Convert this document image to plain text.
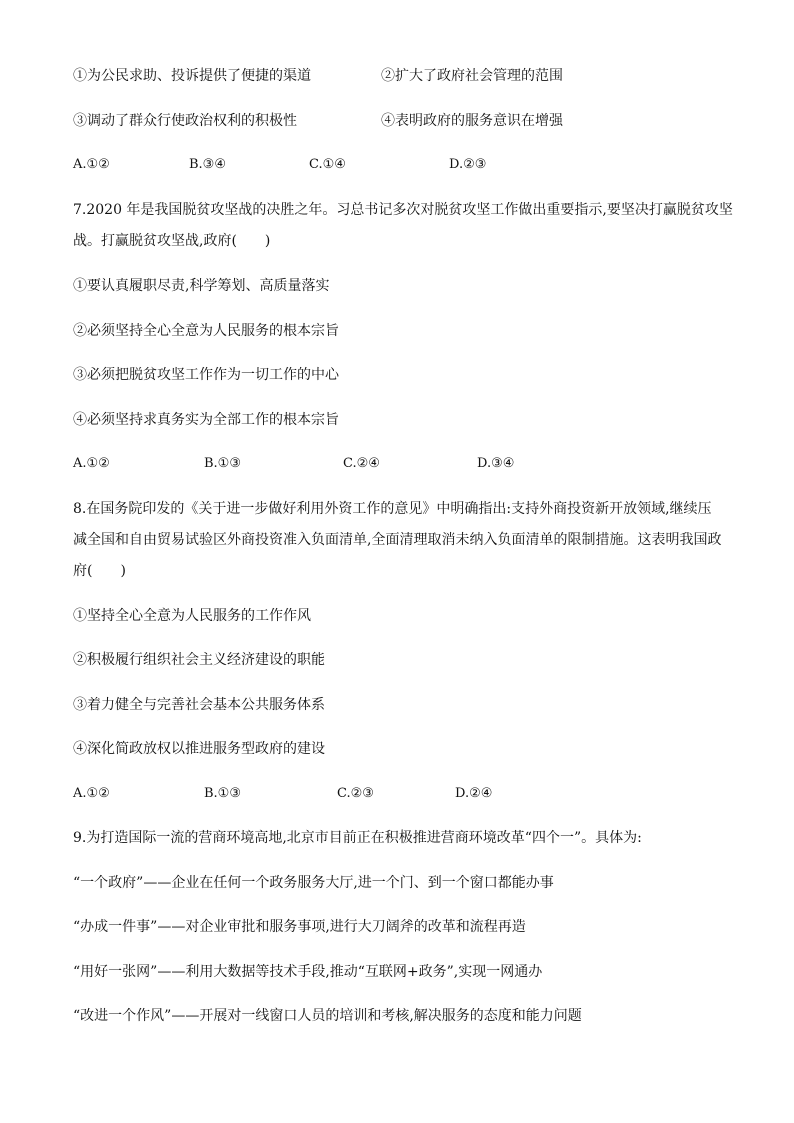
①为公民求助、投诉提供了便捷的渠道	②扩大了政府社会管理的范围
③调动了群众行使政治权利的积极性	④表明政府的服务意识在增强
A.①②	B.③④	C.①④	D.②③
7.2020 年是我国脱贫攻坚战的决胜之年。习总书记多次对脱贫攻坚工作做出重要指示,要坚决打赢脱贫攻坚
战。打赢脱贫攻坚战,政府(　　)
①要认真履职尽责,科学筹划、高质量落实
②必须坚持全心全意为人民服务的根本宗旨
③必须把脱贫攻坚工作作为一切工作的中心
④必须坚持求真务实为全部工作的根本宗旨
A.①②	B.①③	C.②④	D.③④
8.在国务院印发的《关于进一步做好利用外资工作的意见》中明确指出:支持外商投资新开放领域,继续压
减全国和自由贸易试验区外商投资准入负面清单,全面清理取消未纳入负面清单的限制措施。这表明我国政
府(　　)
①坚持全心全意为人民服务的工作作风
②积极履行组织社会主义经济建设的职能
③着力健全与完善社会基本公共服务体系
④深化简政放权以推进服务型政府的建设
A.①②	B.①③	C.②③	D.②④
9.为打造国际一流的营商环境高地,北京市目前正在积极推进营商环境改革“四个一”。具体为:
“一个政府”——企业在任何一个政务服务大厅,进一个门、到一个窗口都能办事
“办成一件事”——对企业审批和服务事项,进行大刀阔斧的改革和流程再造
“用好一张网”——利用大数据等技术手段,推动“互联网+政务”,实现一网通办
“改进一个作风”——开展对一线窗口人员的培训和考核,解决服务的态度和能力问题
